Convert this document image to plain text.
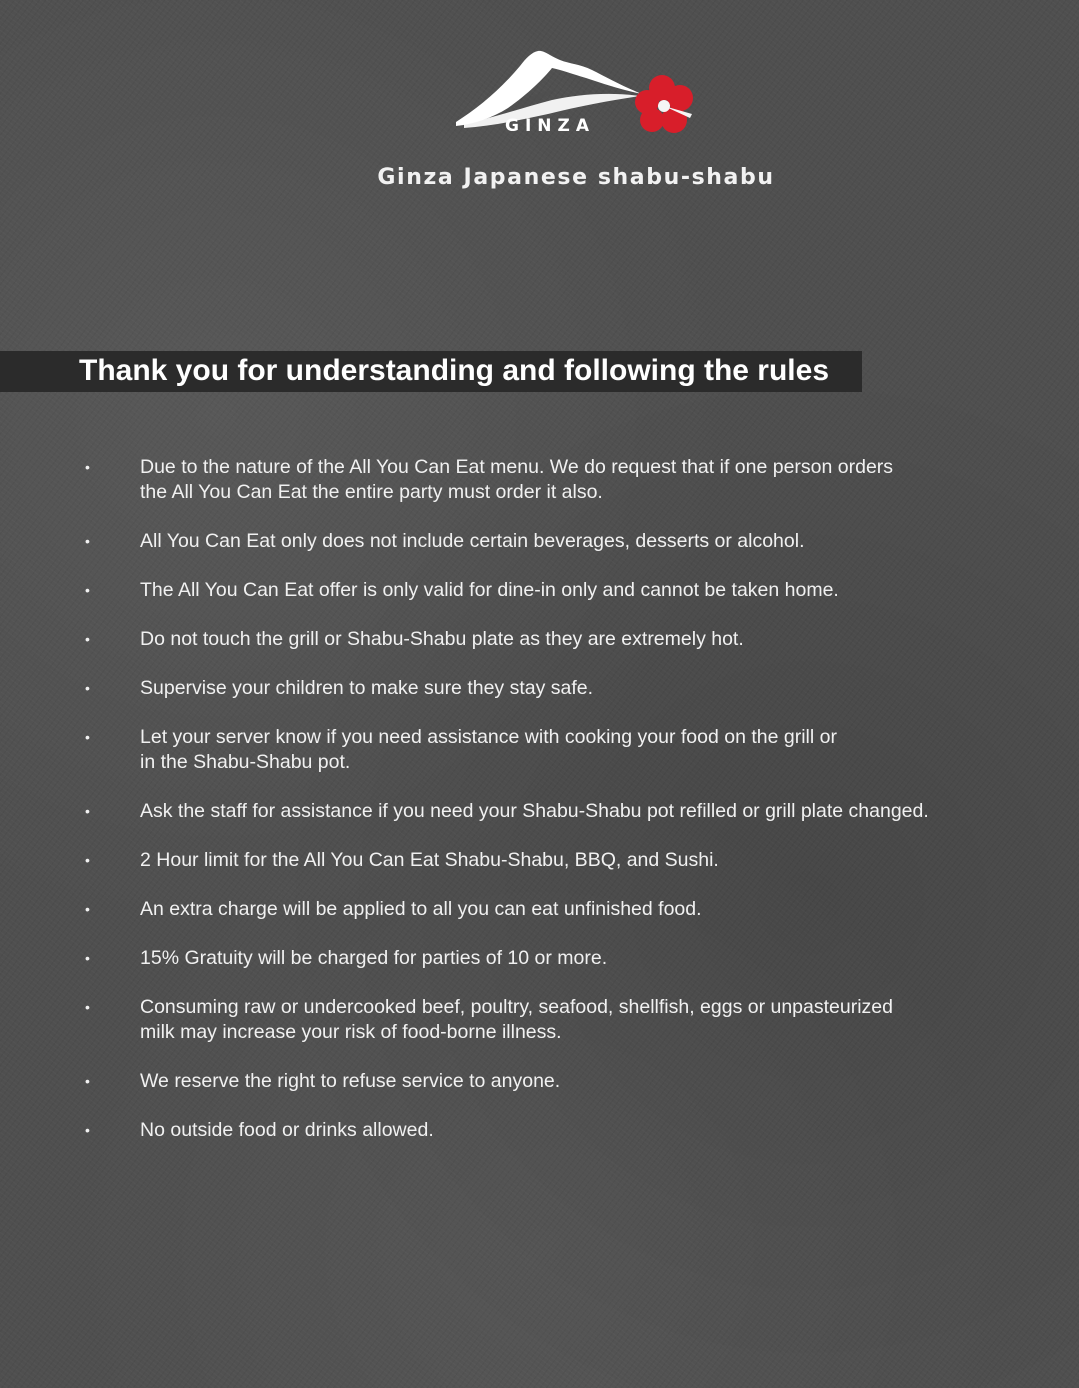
GINZA
Ginza Japanese shabu-shabu
Thank you for understanding and following the rules
•	Due to the nature of the All You Can Eat menu. We do request that if one person orders
the All You Can Eat the entire party must order it also.
•	All You Can Eat only does not include certain beverages, desserts or alcohol.
•	The All You Can Eat offer is only valid for dine-in only and cannot be taken home.
•	Do not touch the grill or Shabu-Shabu plate as they are extremely hot.
•	Supervise your children to make sure they stay safe.
•	Let your server know if you need assistance with cooking your food on the grill or
in the Shabu-Shabu pot.
•	Ask the staff for assistance if you need your Shabu-Shabu pot refilled or grill plate changed.
•	2 Hour limit for the All You Can Eat Shabu-Shabu, BBQ, and Sushi.
•	An extra charge will be applied to all you can eat unfinished food.
•	15% Gratuity will be charged for parties of 10 or more.
•	Consuming raw or undercooked beef, poultry, seafood, shellfish, eggs or unpasteurized
milk may increase your risk of food-borne illness.
•	We reserve the right to refuse service to anyone.
•	No outside food or drinks allowed.
